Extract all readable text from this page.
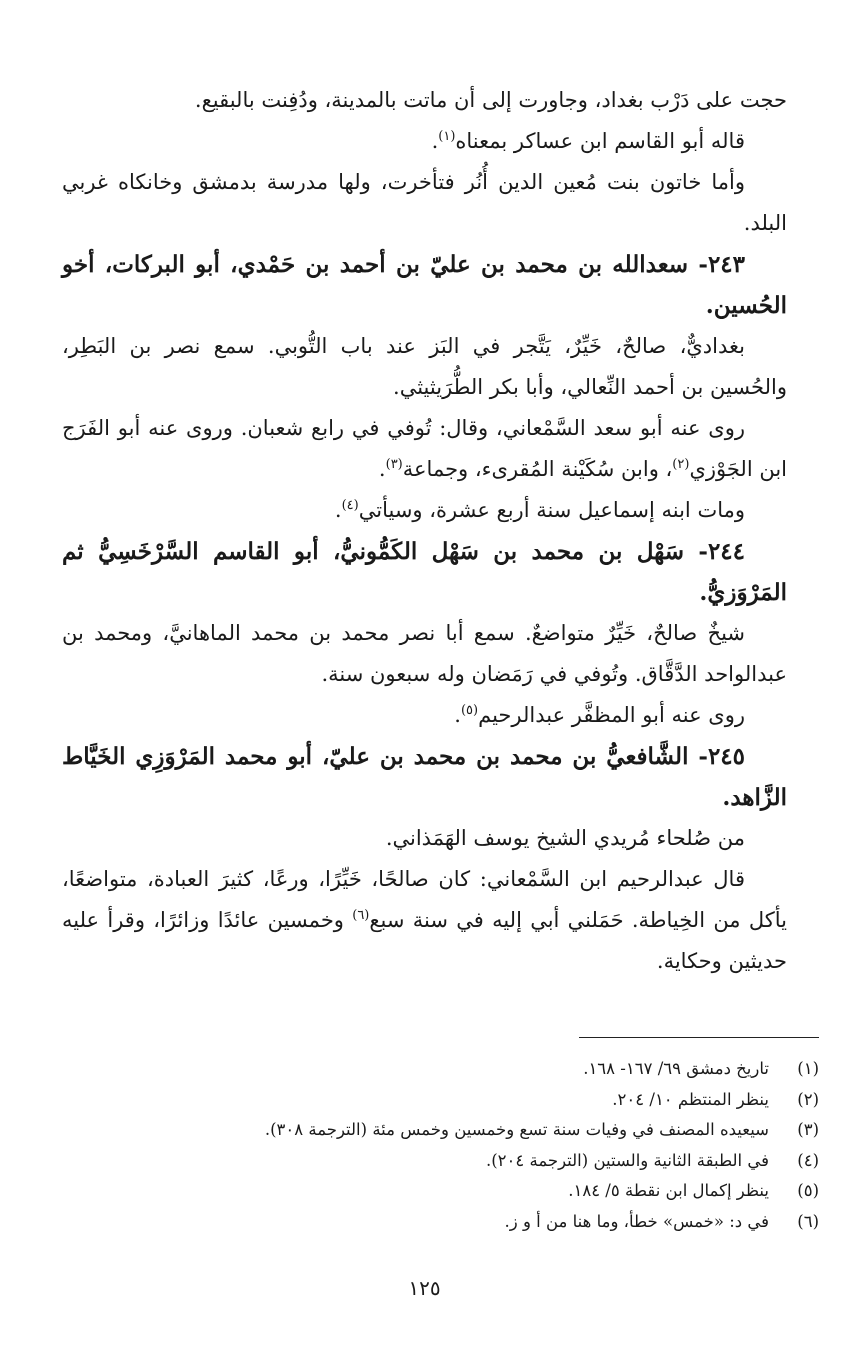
حجت على دَرْب بغداد، وجاورت إلى أن ماتت بالمدينة، ودُفِنت بالبقيع.

قاله أبو القاسم ابن عساكر بمعناه$^{(١)}$.

وأما خاتون بنت مُعين الدين أُنُر فتأخرت، ولها مدرسة بدمشق وخانكاه غربي البلد.

٢٤٣- سعدالله بن محمد بن عليّ بن أحمد بن حَمْدي، أبو البركات، أخو الحُسين.

بغداديٌّ، صالحٌ، خَيِّرٌ، يَتَّجر في البَز عند باب التُّوبي. سمع نصر بن البَطِر، والحُسين بن أحمد النِّعالي، وأبا بكر الطُّرَيثيثي.

روى عنه أبو سعد السَّمْعاني، وقال: تُوفي في رابع شعبان. وروى عنه أبو الفَرَج ابن الجَوْزي$^{(٢)}$، وابن سُكَيْنة المُقرىء، وجماعة$^{(٣)}$.

ومات ابنه إسماعيل سنة أربع عشرة، وسيأتي$^{(٤)}$.

٢٤٤- سَهْل بن محمد بن سَهْل الكَمُّونيُّ، أبو القاسم السَّرْخَسِيُّ ثم المَرْوَزيُّ.

شيخٌ صالحٌ، خَيِّرٌ متواضعٌ. سمع أبا نصر محمد بن محمد الماهانيَّ، ومحمد بن عبدالواحد الدَّقَّاق. وتُوفي في رَمَضان وله سبعون سنة.

روى عنه أبو المظفَّر عبدالرحيم$^{(٥)}$.

٢٤٥- الشَّافعيُّ بن محمد بن محمد بن عليّ، أبو محمد المَرْوَزِي الخَيَّاط الزَّاهد.

من صُلحاء مُريدي الشيخ يوسف الهَمَذاني.

قال عبدالرحيم ابن السَّمْعاني: كان صالحًا، خَيِّرًا، ورعًا، كثيرَ العبادة، متواضعًا، يأكل من الخِياطة. حَمَلني أبي إليه في سنة سبع$^{(٦)}$ وخمسين عائدًا وزائرًا، وقرأ عليه حديثين وحكاية.

(١)
تاريخ دمشق ٦٩/ ١٦٧- ١٦٨.
(٢)
ينظر المنتظم ١٠/ ٢٠٤.
(٣)
سيعيده المصنف في وفيات سنة تسع وخمسين وخمس مئة (الترجمة ٣٠٨).
(٤)
في الطبقة الثانية والستين (الترجمة ٢٠٤).
(٥)
ينظر إكمال ابن نقطة ٥/ ١٨٤.
(٦)
في د: «خمس» خطأ، وما هنا من أ و ز.
١٢٥
